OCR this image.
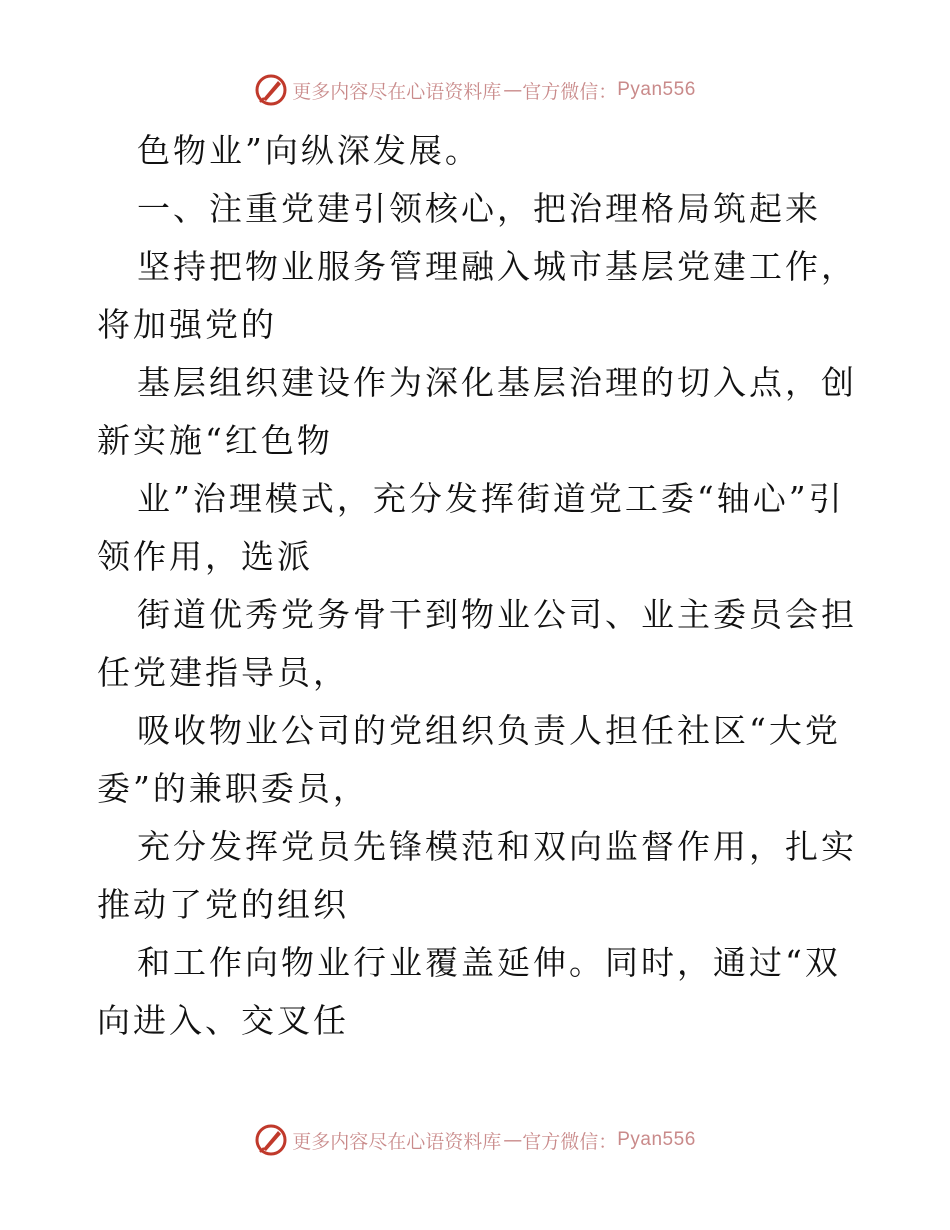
更多内容尽在心语资料库 — 官方微信： Pyan556

色物业”向纵深发展。

一、注重党建引领核心，把治理格局筑起来

坚持把物业服务管理融入城市基层党建工作，将加强党的

基层组织建设作为深化基层治理的切入点，创新实施“红色物

业”治理模式，充分发挥街道党工委“轴心”引领作用，选派

街道优秀党务骨干到物业公司、业主委员会担任党建指导员，

吸收物业公司的党组织负责人担任社区“大党委”的兼职委员，

充分发挥党员先锋模范和双向监督作用，扎实推动了党的组织

和工作向物业行业覆盖延伸。同时，通过“双向进入、交叉任

更多内容尽在心语资料库 — 官方微信： Pyan556
